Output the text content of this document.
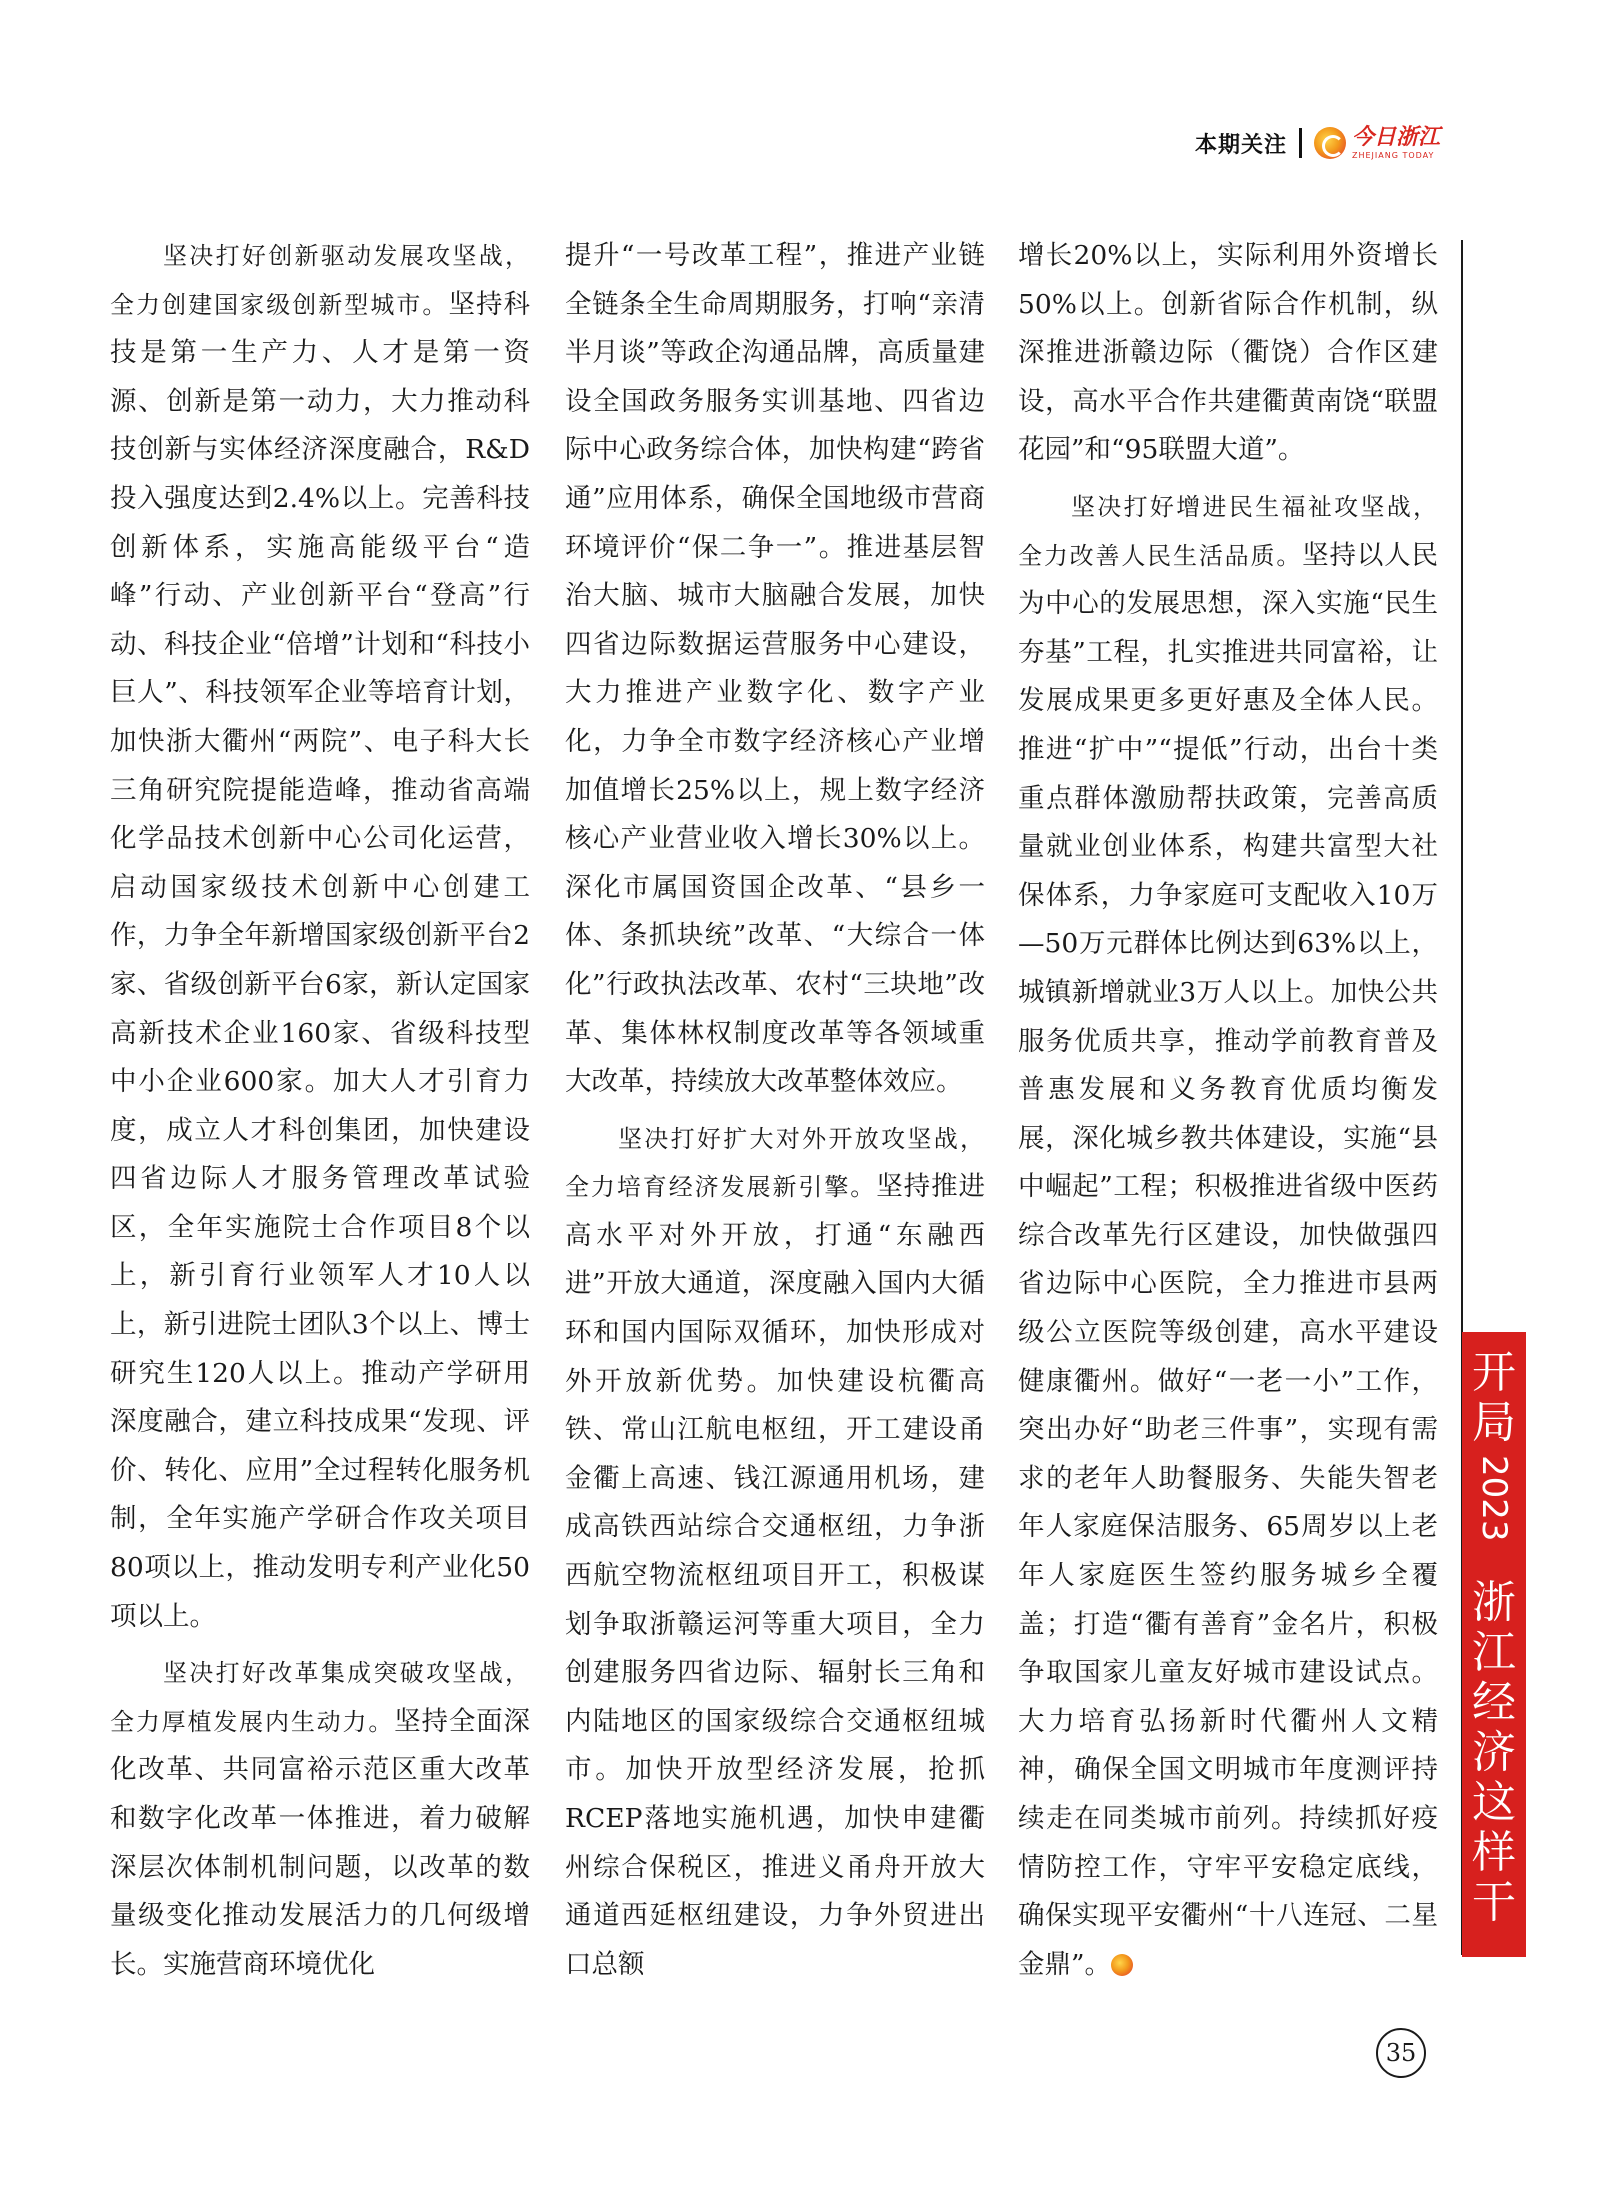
本期关注	今日浙江
ZHEJIANG TODAY

坚决打好创新驱动发展攻坚战，全力创建国家级创新型城市。坚持科技是第一生产力、人才是第一资源、创新是第一动力，大力推动科技创新与实体经济深度融合，R&D投入强度达到2.4%以上。完善科技创新体系，实施高能级平台“造峰”行动、产业创新平台“登高”行动、科技企业“倍增”计划和“科技小巨人”、科技领军企业等培育计划，加快浙大衢州“两院”、电子科大长三角研究院提能造峰，推动省高端化学品技术创新中心公司化运营，启动国家级技术创新中心创建工作，力争全年新增国家级创新平台2家、省级创新平台6家，新认定国家高新技术企业160家、省级科技型中小企业600家。加大人才引育力度，成立人才科创集团，加快建设四省边际人才服务管理改革试验区，全年实施院士合作项目8个以上，新引育行业领军人才10人以上，新引进院士团队3个以上、博士研究生120人以上。推动产学研用深度融合，建立科技成果“发现、评价、转化、应用”全过程转化服务机制，全年实施产学研合作攻关项目80项以上，推动发明专利产业化50项以上。

坚决打好改革集成突破攻坚战，全力厚植发展内生动力。坚持全面深化改革、共同富裕示范区重大改革和数字化改革一体推进，着力破解深层次体制机制问题，以改革的数量级变化推动发展活力的几何级增长。实施营商环境优化

提升“一号改革工程”，推进产业链全链条全生命周期服务，打响“亲清半月谈”等政企沟通品牌，高质量建设全国政务服务实训基地、四省边际中心政务综合体，加快构建“跨省通”应用体系，确保全国地级市营商环境评价“保二争一”。推进基层智治大脑、城市大脑融合发展，加快四省边际数据运营服务中心建设，大力推进产业数字化、数字产业化，力争全市数字经济核心产业增加值增长25%以上，规上数字经济核心产业营业收入增长30%以上。深化市属国资国企改革、“县乡一体、条抓块统”改革、“大综合一体化”行政执法改革、农村“三块地”改革、集体林权制度改革等各领域重大改革，持续放大改革整体效应。

坚决打好扩大对外开放攻坚战，全力培育经济发展新引擎。坚持推进高水平对外开放，打通“东融西进”开放大通道，深度融入国内大循环和国内国际双循环，加快形成对外开放新优势。加快建设杭衢高铁、常山江航电枢纽，开工建设甬金衢上高速、钱江源通用机场，建成高铁西站综合交通枢纽，力争浙西航空物流枢纽项目开工，积极谋划争取浙赣运河等重大项目，全力创建服务四省边际、辐射长三角和内陆地区的国家级综合交通枢纽城市。加快开放型经济发展，抢抓RCEP落地实施机遇，加快申建衢州综合保税区，推进义甬舟开放大通道西延枢纽建设，力争外贸进出口总额

增长20%以上，实际利用外资增长50%以上。创新省际合作机制，纵深推进浙赣边际（衢饶）合作区建设，高水平合作共建衢黄南饶“联盟花园”和“95联盟大道”。

坚决打好增进民生福祉攻坚战，全力改善人民生活品质。坚持以人民为中心的发展思想，深入实施“民生夯基”工程，扎实推进共同富裕，让发展成果更多更好惠及全体人民。推进“扩中”“提低”行动，出台十类重点群体激励帮扶政策，完善高质量就业创业体系，构建共富型大社保体系，力争家庭可支配收入10万—50万元群体比例达到63%以上，城镇新增就业3万人以上。加快公共服务优质共享，推动学前教育普及普惠发展和义务教育优质均衡发展，深化城乡教共体建设，实施“县中崛起”工程；积极推进省级中医药综合改革先行区建设，加快做强四省边际中心医院，全力推进市县两级公立医院等级创建，高水平建设健康衢州。做好“一老一小”工作，突出办好“助老三件事”，实现有需求的老年人助餐服务、失能失智老年人家庭保洁服务、65周岁以上老年人家庭医生签约服务城乡全覆盖；打造“衢有善育”金名片，积极争取国家儿童友好城市建设试点。大力培育弘扬新时代衢州人文精神，确保全国文明城市年度测评持续走在同类城市前列。持续抓好疫情防控工作，守牢平安稳定底线，确保实现平安衢州“十八连冠、二星金鼎”。

开
局
2023
浙
江
经
济
这
样
干
35
